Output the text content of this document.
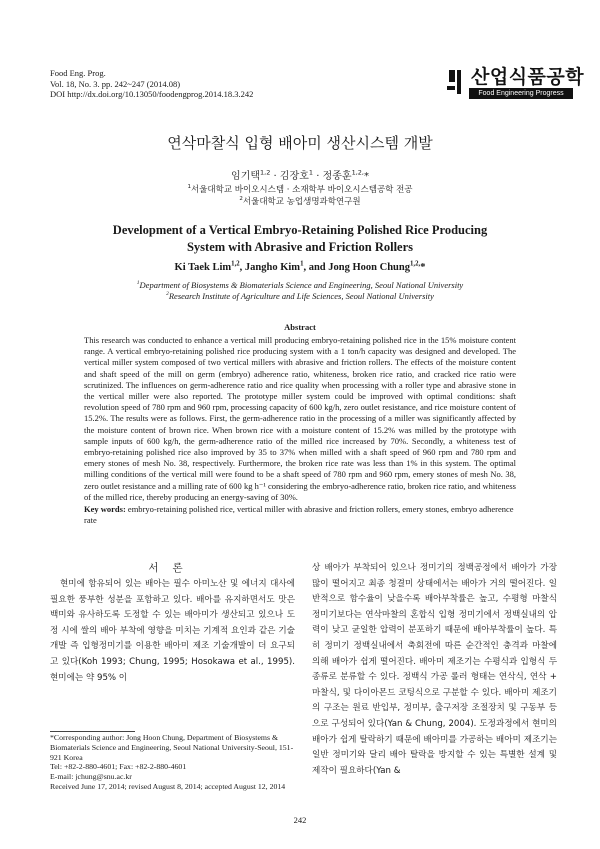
Food Eng. Prog.
Vol. 18, No. 3. pp. 242~247 (2014.08)
DOI http://dx.doi.org/10.13050/foodengprog.2014.18.3.242
산업식품공학
Food Engineering Progress
연삭마찰식 입형 배아미 생산시스템 개발
임기택$^{1,2}$ · 김장호$^1$ · 정종훈$^{1,2,}$*
$^1$서울대학교 바이오시스템 · 소재학부 바이오시스템공학 전공
$^2$서울대학교 농업생명과학연구원
Development of a Vertical Embryo-Retaining Polished Rice Producing
System with Abrasive and Friction Rollers
Ki Taek Lim$^{1,2}$, Jangho Kim$^1$, and Jong Hoon Chung$^{1,2,}$*
$^1$Department of Biosystems & Biomaterials Science and Engineering, Seoul National University
$^2$Research Institute of Agriculture and Life Sciences, Seoul National University
Abstract
This research was conducted to enhance a vertical mill producing embryo-retaining polished rice in the 15% moisture content range. A vertical embryo-retaining polished rice producing system with a 1 ton/h capacity was designed and developed. The vertical miller system composed of two vertical millers with abrasive and friction rollers. The effects of the moisture content and shaft speed of the mill on germ (embryo) adherence ratio, whiteness, broken rice ratio, and cracked rice ratio were scrutinized. The influences on germ-adherence ratio and rice quality when processing with a roller type and abrasive stone in the vertical miller were also reported. The prototype miller system could be improved with optimal conditions: shaft revolution speed of 780 rpm and 960 rpm, processing capacity of 600 kg/h, zero outlet resistance, and rice moisture content of 15.2%. The results were as follows. First, the germ-adherence ratio in the processing of a miller was significantly affected by the moisture content of brown rice. When brown rice with a moisture content of 15.2% was milled by the prototype with sample inputs of 600 kg/h, the germ-adherence ratio of the milled rice increased by 70%. Secondly, a whiteness test of embryo-retaining polished rice also improved by 35 to 37% when milled with a shaft speed of 960 rpm and 780 rpm and emery stones of mesh No. 38, respectively. Furthermore, the broken rice rate was less than 1% in this system. The optimal milling conditions of the vertical mill were found to be a shaft speed of 780 rpm and 960 rpm, emery stones of mesh No. 38, zero outlet resistance and a milling rate of 600 kg h⁻¹ considering the embryo-adherence ratio, broken rice ratio, and whiteness of the milled rice, thereby producing an energy-saving of 30%.
Key words: embryo-retaining polished rice, vertical miller with abrasive and friction rollers, emery stones, embryo adherence rate
서론

현미에 함유되어 있는 배아는 필수 아미노산 및 에너지 대사에 필요한 풍부한 성분을 포함하고 있다. 배아를 유지하면서도 맛은 백미와 유사하도록 도정할 수 있는 배아미가 생산되고 있으나 도정 시에 쌀의 배아 부착에 영향을 미치는 기계적 요인과 같은 기술개발 즉 입형정미기를 이용한 배아미 제조 기술개발이 더 요구되고 있다(Koh 1993; Chung, 1995; Hosokawa et al., 1995). 현미에는 약 95% 이

상 배아가 부착되어 있으나 정미기의 정백공정에서 배아가 가장 많이 떨어지고 최종 청결미 상태에서는 배아가 거의 떨어진다. 일반적으로 함수율이 낮을수록 배아부착률은 높고, 수평형 마찰식 정미기보다는 연삭마찰의 혼합식 입형 정미기에서 정백실내의 압력이 낮고 균일한 압력이 분포하기 때문에 배아부착률이 높다. 특히 정미기 정백실내에서 축회전에 따른 순간적인 충격과 마찰에 의해 배아가 쉽게 떨어진다. 배아미 제조기는 수평식과 입형식 두 종류로 분류할 수 있다. 정백식 가공 롤러 형태는 연삭식, 연삭 + 마찰식, 및 다이아몬드 코팅식으로 구분할 수 있다. 배아미 제조기의 구조는 원료 반입부, 정미부, 출구저장 조절장치 및 구동부 등으로 구성되어 있다(Yan & Chung, 2004). 도정과정에서 현미의 배아가 쉽게 탈락하기 때문에 배아미를 가공하는 배아미 제조기는 일반 정미기와 달리 배아 탈락을 방지할 수 있는 특별한 설계 및 제작이 필요하다(Yan &

*Corresponding author: Jong Hoon Chung, Department of Biosystems & Biomaterials Science and Engineering, Seoul National University-Seoul, 151-921 Korea
Tel: +82-2-880-4601; Fax: +82-2-880-4601
E-mail: jchung@snu.ac.kr
Received June 17, 2014; revised August 8, 2014; accepted August 12, 2014
242
